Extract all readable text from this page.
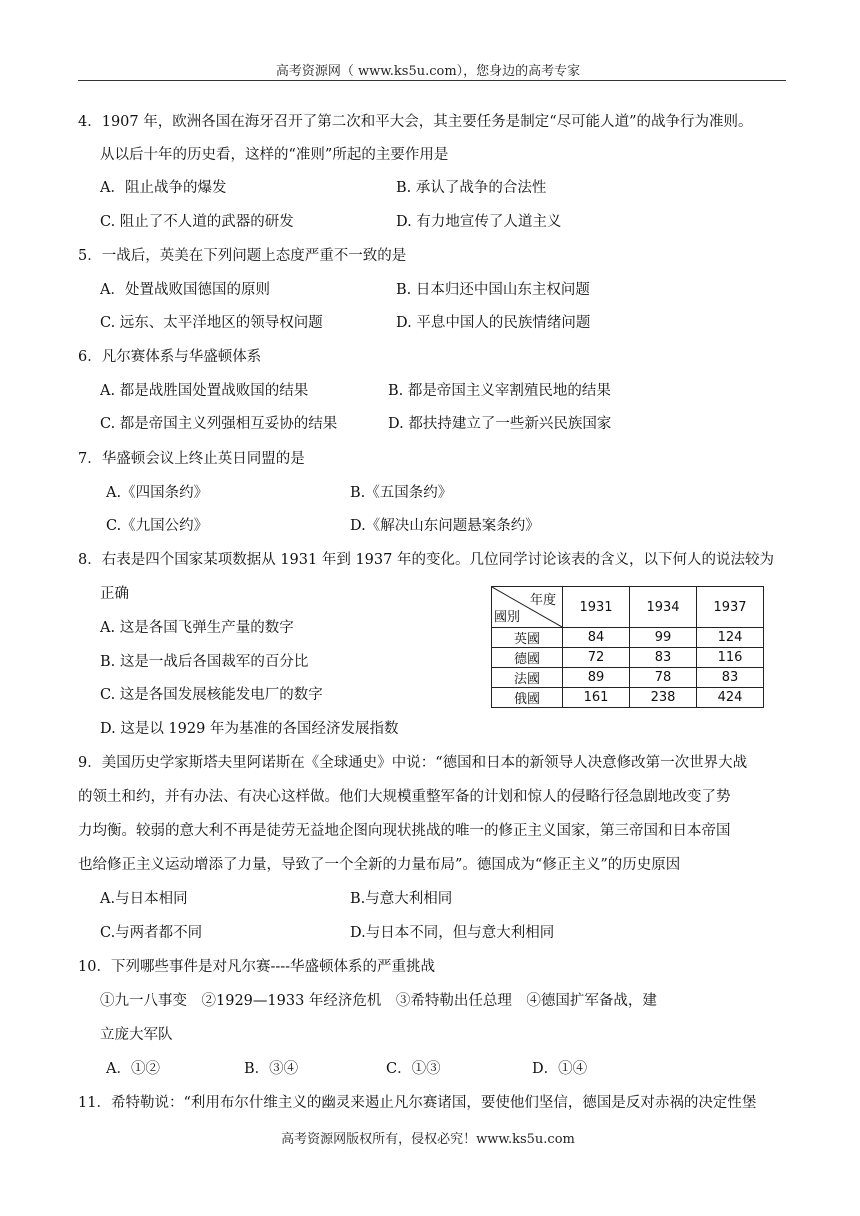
高考资源网（ www.ks5u.com），您身边的高考专家
4．1907 年，欧洲各国在海牙召开了第二次和平大会，其主要任务是制定“尽可能人道”的战争行为准则。
从以后十年的历史看，这样的“准则”所起的主要作用是
A．阻止战争的爆发	B. 承认了战争的合法性
C. 阻止了不人道的武器的研发	D. 有力地宣传了人道主义
5．一战后，英美在下列问题上态度严重不一致的是
A．处置战败国德国的原则	B. 日本归还中国山东主权问题
C. 远东、太平洋地区的领导权问题	D. 平息中国人的民族情绪问题
6．凡尔赛体系与华盛顿体系
A. 都是战胜国处置战败国的结果	B. 都是帝国主义宰割殖民地的结果
C. 都是帝国主义列强相互妥协的结果	D. 都扶持建立了一些新兴民族国家
7．华盛顿会议上终止英日同盟的是
A.《四国条约》	B.《五国条约》
C.《九国公约》	D.《解决山东问题悬案条约》
8．右表是四个国家某项数据从 1931 年到 1937 年的变化。几位同学讨论该表的含义，以下何人的说法较为
正确
A. 这是各国飞弹生产量的数字
B. 这是一战后各国裁军的百分比
C. 这是各国发展核能发电厂的数字
D. 这是以 1929 年为基准的各国经济发展指数
年度
國別	1931	1934	1937
英國	84	99	124
德國	72	83	116
法國	89	78	83
俄國	161	238	424
9．美国历史学家斯塔夫里阿诺斯在《全球通史》中说：“德国和日本的新领导人决意修改第一次世界大战
的领土和约，并有办法、有决心这样做。他们大规模重整军备的计划和惊人的侵略行径急剧地改变了势
力均衡。较弱的意大利不再是徒劳无益地企图向现状挑战的唯一的修正主义国家，第三帝国和日本帝国
也给修正主义运动增添了力量，导致了一个全新的力量布局”。德国成为“修正主义”的历史原因
A.与日本相同	B.与意大利相同
C.与两者都不同	D.与日本不同，但与意大利相同
10．下列哪些事件是对凡尔赛----华盛顿体系的严重挑战
①九一八事变　②1929—1933 年经济危机　③希特勒出任总理　④德国扩军备战，建
立庞大军队
A．①②	B．③④	C．①③	D．①④
11．希特勒说：“利用布尔什维主义的幽灵来遏止凡尔赛诸国，要使他们坚信，德国是反对赤祸的决定性堡
高考资源网版权所有，侵权必究！www.ks5u.com
